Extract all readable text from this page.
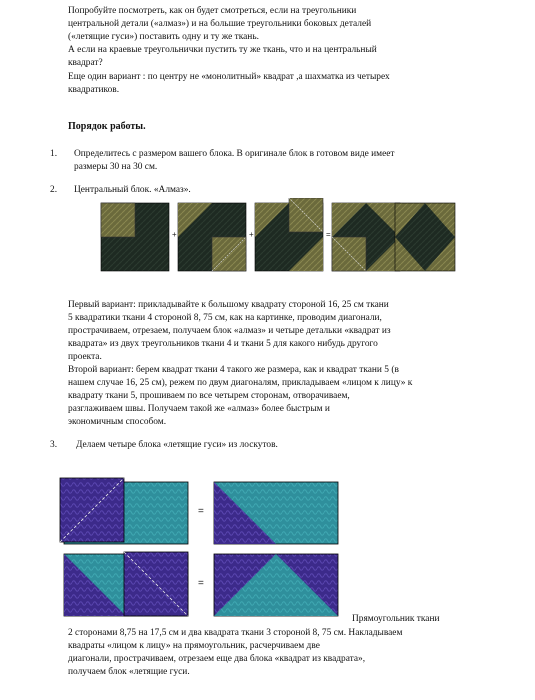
Попробуйте посмотреть, как он будет смотреться, если на треугольники

центральной детали («алмаз») и на большие треугольники боковых деталей

(«летящие гуси») поставить одну и ту же ткань.

А если на краевые треугольнички пустить ту же ткань, что и на центральный

квадрат?

Еще один вариант : по центру не «монолитный» квадрат ,а шахматка из четырех

квадратиков.

Порядок работы.

1. Определитесь с размером вашего блока. В оригинале блок в готовом виде имеет

размеры 30 на 30 см.

2. Центральный блок. «Алмаз».

+	+	=

Первый вариант: прикладывайте к большому квадрату стороной 16, 25 см ткани

5 квадратики ткани 4 стороной 8, 75 см, как на картинке, проводим диагонали,

прострачиваем, отрезаем, получаем блок «алмаз» и четыре детальки «квадрат из

квадрата» из двух треугольников ткани 4 и ткани 5 для какого нибудь другого

проекта.

Второй вариант: берем квадрат ткани 4 такого же размера, как и квадрат ткани 5 (в

нашем случае 16, 25 см), режем по двум диагоналям, прикладываем «лицом к лицу» к

квадрату ткани 5, прошиваем по все четырем сторонам, отворачиваем,

разглаживаем швы. Получаем такой же «алмаз» более быстрым и

экономичным способом.

3. Делаем четыре блока «летящие гуси» из лоскутов.

=
=

Прямоугольник ткани

2 сторонами 8,75 на 17,5 см и два квадрата ткани 3 стороной 8, 75 см. Накладываем

квадраты «лицом к лицу» на прямоугольник, расчерчиваем две

диагонали, прострачиваем, отрезаем еще два блока «квадрат из квадрата»,

получаем блок «летящие гуси.
